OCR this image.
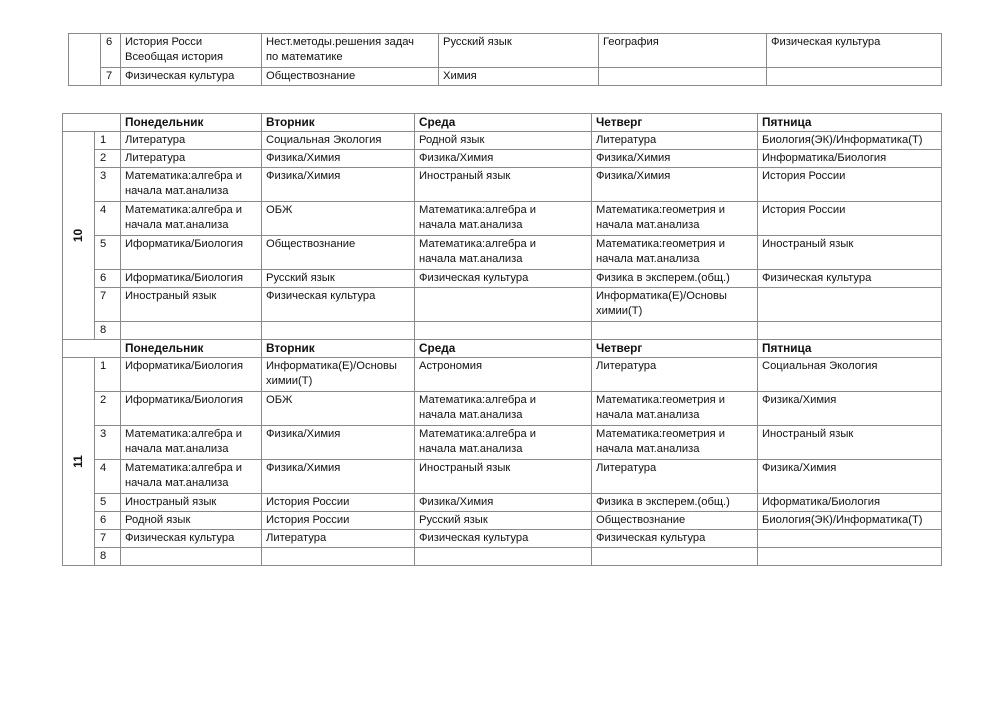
	6	История Росси
Всеобщая история	Нест.методы.решения задач
по математике	Русский язык	География	Физическая культура
	7	Физическая культура	Обществознание	Химия		
		Понедельник	Вторник	Среда	Четверг	Пятница
10	1	Литература	Социальная Экология	Родной язык	Литература	Биология(ЭК)/Информатика(Т)
	2	Литература	Физика/Химия	Физика/Химия	Физика/Химия	Информатика/Биология
	3	Математика:алгебра и
начала мат.анализа	Физика/Химия	Иностраный язык	Физика/Химия	История России
	4	Математика:алгебра и
начала мат.анализа	ОБЖ	Математика:алгебра и
начала мат.анализа	Математика:геометрия и
начала мат.анализа	История России
	5	Иформатика/Биология	Обществознание	Математика:алгебра и
начала мат.анализа	Математика:геометрия и
начала мат.анализа	Иностраный язык
	6	Иформатика/Биология	Русский язык	Физическая культура	Физика в эксперем.(общ.)	Физическая культура
	7	Иностраный язык	Физическая культура		Информатика(Е)/Основы
химии(Т)	
	8					
		Понедельник	Вторник	Среда	Четверг	Пятница
11	1	Иформатика/Биология	Информатика(Е)/Основы
химии(Т)	Астрономия	Литература	Социальная Экология
	2	Иформатика/Биология	ОБЖ	Математика:алгебра и
начала мат.анализа	Математика:геометрия и
начала мат.анализа	Физика/Химия
	3	Математика:алгебра и
начала мат.анализа	Физика/Химия	Математика:алгебра и
начала мат.анализа	Математика:геометрия и
начала мат.анализа	Иностраный язык
	4	Математика:алгебра и
начала мат.анализа	Физика/Химия	Иностраный язык	Литература	Физика/Химия
	5	Иностраный язык	История России	Физика/Химия	Физика в эксперем.(общ.)	Иформатика/Биология
	6	Родной язык	История России	Русский язык	Обществознание	Биология(ЭК)/Информатика(Т)
	7	Физическая культура	Литература	Физическая культура	Физическая культура	
	8					
